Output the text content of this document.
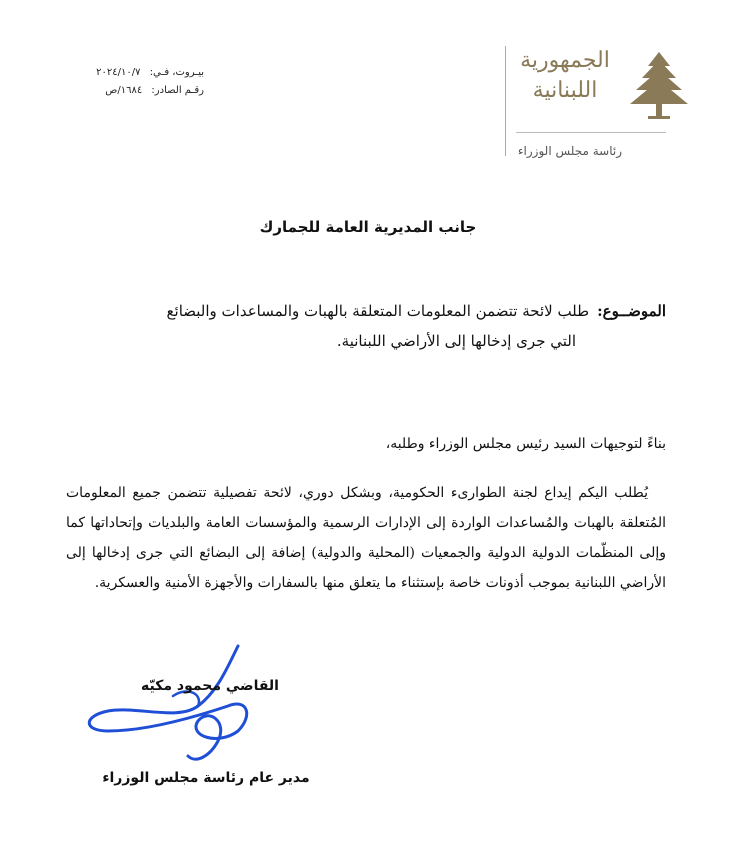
الجمهورية
اللبنانية
رئاسة مجلس الوزراء
بيـروت، فـي: ٢٠٢٤/١٠/٧
رقـم الصادر: ١٦٨٤/ص
جانب المديرية العامة للجمارك
الموضــوع:طلب لائحة تتضمن المعلومات المتعلقة بالهبات والمساعدات والبضائع
التي جرى إدخالها إلى الأراضي اللبنانية.
بناءً لتوجيهات السيد رئيس مجلس الوزراء وطلبه،
يُطلب اليكم إيداع لجنة الطوارىء الحكومية، وبشكل دوري، لائحة تفصيلية تتضمن جميع المعلومات المُتعلقة بالهبات والمُساعدات الواردة إلى الإدارات الرسمية والمؤسسات العامة والبلديات وإتحاداتها كما وإلى المنظّمات الدولية الدولية والجمعيات (المحلية والدولية) إضافة إلى البضائع التي جرى إدخالها إلى الأراضي اللبنانية بموجب أذونات خاصة بإستثناء ما يتعلق منها بالسفارات والأجهزة الأمنية والعسكرية.
القاضي محمود مكيّه
مدير عام رئاسة مجلس الوزراء
